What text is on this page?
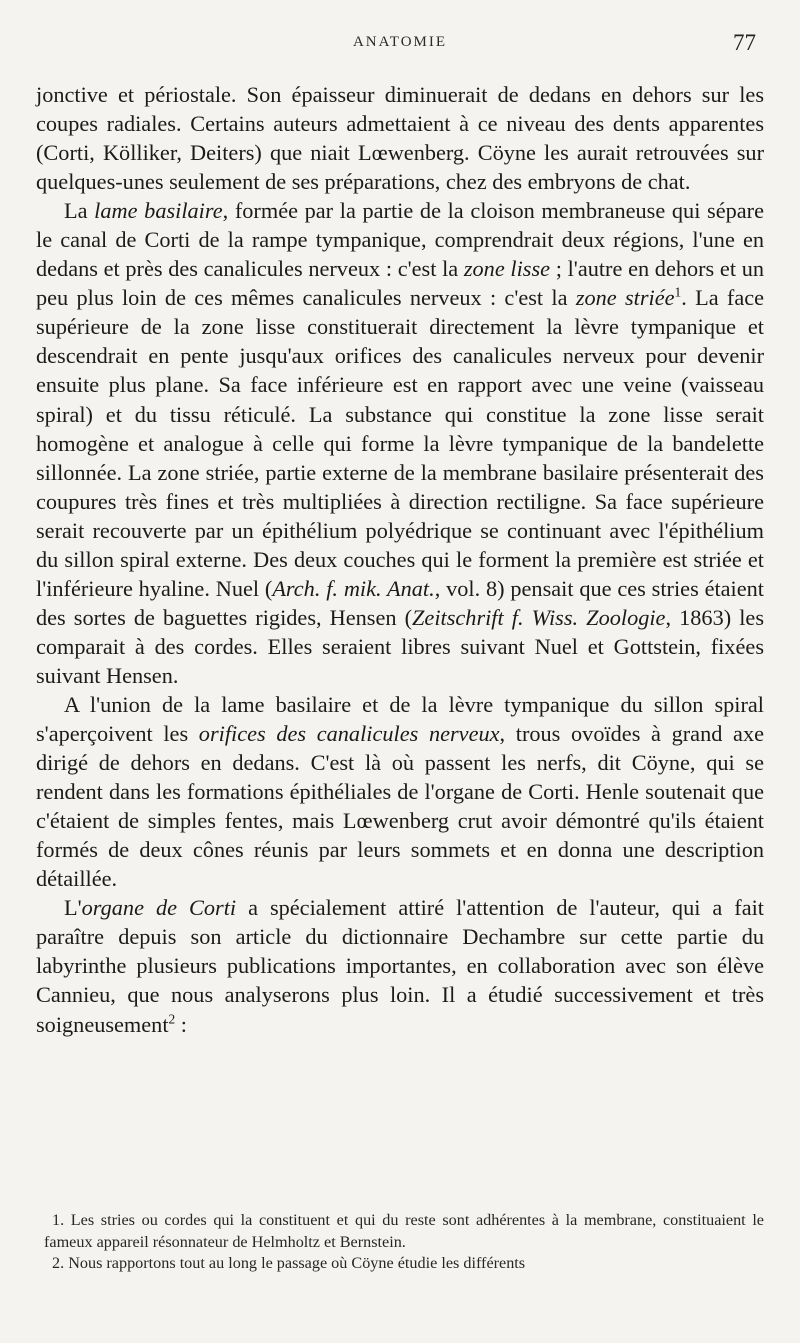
ANATOMIE	77

jonctive et périostale. Son épaisseur diminuerait de dedans en dehors sur les coupes radiales. Certains auteurs admettaient à ce niveau des dents apparentes (Corti, Kölliker, Deiters) que niait Lœwenberg. Cöyne les aurait retrouvées sur quelques-unes seulement de ses préparations, chez des embryons de chat.

La lame basilaire, formée par la partie de la cloison membraneuse qui sépare le canal de Corti de la rampe tympanique, comprendrait deux régions, l'une en dedans et près des canalicules nerveux : c'est la zone lisse ; l'autre en dehors et un peu plus loin de ces mêmes canalicules nerveux : c'est la zone striée$^1$. La face supérieure de la zone lisse constituerait directement la lèvre tympanique et descendrait en pente jusqu'aux orifices des canalicules nerveux pour devenir ensuite plus plane. Sa face inférieure est en rapport avec une veine (vaisseau spiral) et du tissu réticulé. La substance qui constitue la zone lisse serait homogène et analogue à celle qui forme la lèvre tympanique de la bandelette sillonnée. La zone striée, partie externe de la membrane basilaire présenterait des coupures très fines et très multipliées à direction rectiligne. Sa face supérieure serait recouverte par un épithélium polyédrique se continuant avec l'épithélium du sillon spiral externe. Des deux couches qui le forment la première est striée et l'inférieure hyaline. Nuel (Arch. f. mik. Anat., vol. 8) pensait que ces stries étaient des sortes de baguettes rigides, Hensen (Zeitschrift f. Wiss. Zoologie, 1863) les comparait à des cordes. Elles seraient libres suivant Nuel et Gottstein, fixées suivant Hensen.

A l'union de la lame basilaire et de la lèvre tympanique du sillon spiral s'aperçoivent les orifices des canalicules nerveux, trous ovoïdes à grand axe dirigé de dehors en dedans. C'est là où passent les nerfs, dit Cöyne, qui se rendent dans les formations épithéliales de l'organe de Corti. Henle soutenait que c'étaient de simples fentes, mais Lœwenberg crut avoir démontré qu'ils étaient formés de deux cônes réunis par leurs sommets et en donna une description détaillée.

L'organe de Corti a spécialement attiré l'attention de l'auteur, qui a fait paraître depuis son article du dictionnaire Dechambre sur cette partie du labyrinthe plusieurs publications importantes, en collaboration avec son élève Cannieu, que nous analyserons plus loin. Il a étudié successivement et très soigneusement$^2$ :

1. Les stries ou cordes qui la constituent et qui du reste sont adhérentes à la membrane, constituaient le fameux appareil résonnateur de Helmholtz et Bernstein.

2. Nous rapportons tout au long le passage où Cöyne étudie les différents
